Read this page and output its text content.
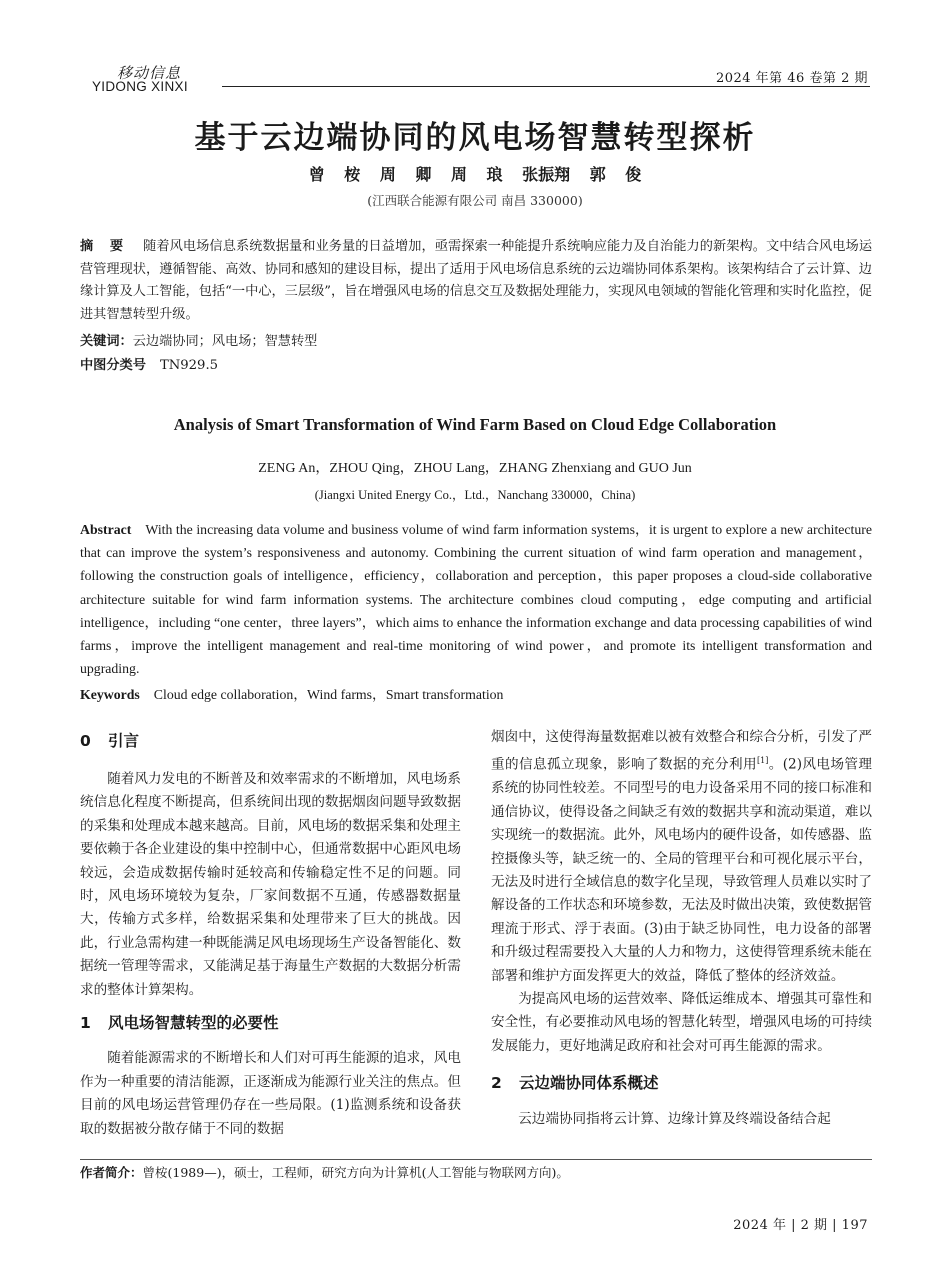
移动信息
YIDONG XINXI
2024 年第 46 卷第 2 期
基于云边端协同的风电场智慧转型探析
曾 桉 周 卿 周 琅 张振翔 郭 俊
(江西联合能源有限公司 南昌 330000)
摘 要 随着风电场信息系统数据量和业务量的日益增加，亟需探索一种能提升系统响应能力及自治能力的新架构。文中结合风电场运营管理现状，遵循智能、高效、协同和感知的建设目标，提出了适用于风电场信息系统的云边端协同体系架构。该架构结合了云计算、边缘计算及人工智能，包括“一中心，三层级”，旨在增强风电场的信息交互及数据处理能力，实现风电领域的智能化管理和实时化监控，促进其智慧转型升级。
关键词：云边端协同；风电场；智慧转型
中图分类号 TN929.5
Analysis of Smart Transformation of Wind Farm Based on Cloud Edge Collaboration
ZENG An，ZHOU Qing，ZHOU Lang，ZHANG Zhenxiang and GUO Jun
(Jiangxi United Energy Co.，Ltd.，Nanchang 330000，China)
Abstract With the increasing data volume and business volume of wind farm information systems，it is urgent to explore a new architecture that can improve the system’s responsiveness and autonomy. Combining the current situation of wind farm operation and management，following the construction goals of intelligence，efficiency，collaboration and perception，this paper proposes a cloud-side collaborative architecture suitable for wind farm information systems. The architecture combines cloud computing，edge computing and artificial intelligence，including “one center，three layers”，which aims to enhance the information exchange and data processing capabilities of wind farms，improve the intelligent management and real-time monitoring of wind power，and promote its intelligent transformation and upgrading.
Keywords Cloud edge collaboration，Wind farms，Smart transformation
0 引言

随着风力发电的不断普及和效率需求的不断增加，风电场系统信息化程度不断提高，但系统间出现的数据烟囱问题导致数据的采集和处理成本越来越高。目前，风电场的数据采集和处理主要依赖于各企业建设的集中控制中心，但通常数据中心距风电场较远，会造成数据传输时延较高和传输稳定性不足的问题。同时，风电场环境较为复杂，厂家间数据不互通，传感器数据量大，传输方式多样，给数据采集和处理带来了巨大的挑战。因此，行业急需构建一种既能满足风电场现场生产设备智能化、数据统一管理等需求，又能满足基于海量生产数据的大数据分析需求的整体计算架构。

1 风电场智慧转型的必要性

随着能源需求的不断增长和人们对可再生能源的追求，风电作为一种重要的清洁能源，正逐渐成为能源行业关注的焦点。但目前的风电场运营管理仍存在一些局限。(1)监测系统和设备获取的数据被分散存储于不同的数据

烟囱中，这使得海量数据难以被有效整合和综合分析，引发了严重的信息孤立现象，影响了数据的充分利用[1]。(2)风电场管理系统的协同性较差。不同型号的电力设备采用不同的接口标准和通信协议，使得设备之间缺乏有效的数据共享和流动渠道，难以实现统一的数据流。此外，风电场内的硬件设备，如传感器、监控摄像头等，缺乏统一的、全局的管理平台和可视化展示平台，无法及时进行全域信息的数字化呈现，导致管理人员难以实时了解设备的工作状态和环境参数，无法及时做出决策，致使数据管理流于形式、浮于表面。(3)由于缺乏协同性，电力设备的部署和升级过程需要投入大量的人力和物力，这使得管理系统未能在部署和维护方面发挥更大的效益，降低了整体的经济效益。

为提高风电场的运营效率、降低运维成本、增强其可靠性和安全性，有必要推动风电场的智慧化转型，增强风电场的可持续发展能力，更好地满足政府和社会对可再生能源的需求。

2 云边端协同体系概述

云边端协同指将云计算、边缘计算及终端设备结合起

作者简介：曾桉(1989—)，硕士，工程师，研究方向为计算机(人工智能与物联网方向)。
2024 年 | 2 期 | 197
